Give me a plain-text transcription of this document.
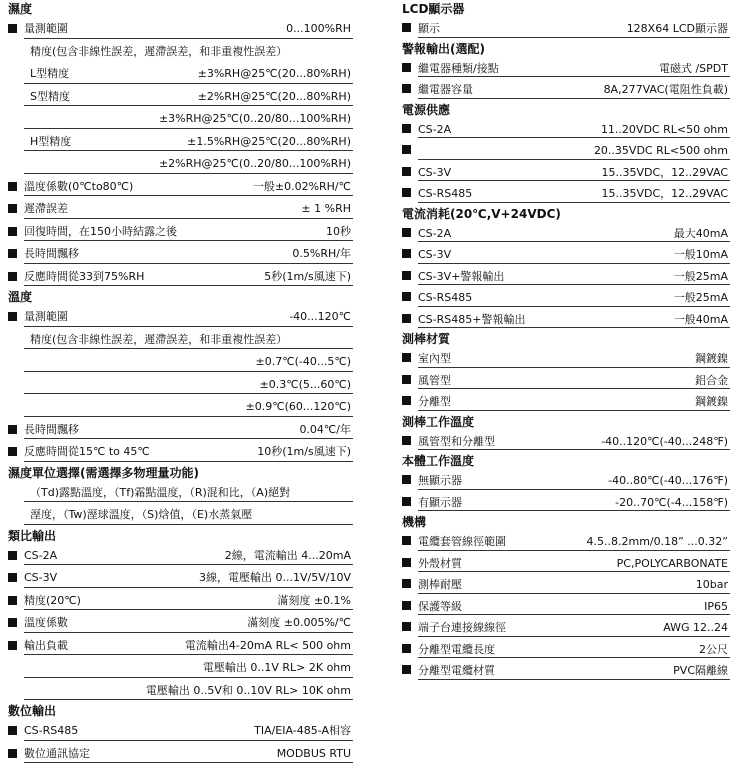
濕度
量測範圍	0...100%RH
精度(包含非線性誤差，遲滯誤差，和非重複性誤差）
L型精度	±3%RH@25℃(20...80%RH)
S型精度	±2%RH@25℃(20...80%RH)
±3%RH@25℃(0..20/80...100%RH)
H型精度	±1.5%RH@25℃(20...80%RH)
±2%RH@25℃(0..20/80...100%RH)
溫度係數(0℃to80℃)	一般±0.02%RH/℃
遲滯誤差	± 1 %RH
回復時間，在150小時結露之後	10秒
長時間飄移	0.5%RH/年
反應時間從33到75%RH	5秒(1m/s風速下)
溫度
量測範圍	-40...120℃
精度(包含非線性誤差，遲滯誤差，和非重複性誤差）
±0.7℃(-40...5℃)
±0.3℃(5...60℃)
±0.9℃(60...120℃)
長時間飄移	0.04℃/年
反應時間從15℃ to 45℃	10秒(1m/s風速下)
濕度單位選擇(需選擇多物理量功能)
（Td)露點溫度，（Tf)霜點溫度，（R)混和比，（A)絕對
溼度，（Tw)溼球溫度，（S)焓值，（E)水蒸氣壓
類比輸出
CS-2A	2線，電流輸出 4...20mA
CS-3V	3線，電壓輸出 0...1V/5V/10V
精度(20℃)	滿刻度 ±0.1%
溫度係數	滿刻度 ±0.005%/℃
輸出負載	電流輸出4-20mA RL< 500 ohm
電壓輸出 0..1V RL> 2K ohm
電壓輸出 0..5V和 0..10V RL> 10K ohm
數位輸出
CS-RS485	TIA/EIA-485-A相容
數位通訊協定	MODBUS RTU
LCD顯示器
顯示	128X64 LCD顯示器
警報輸出(選配)
繼電器種類/接點	電磁式 /SPDT
繼電器容量	8A,277VAC(電阻性負載)
電源供應
CS-2A	11..20VDC RL<50 ohm
20..35VDC RL<500 ohm
CS-3V	15..35VDC，12..29VAC
CS-RS485	15..35VDC，12..29VAC
電流消耗(20℃,V+24VDC)
CS-2A	最大40mA
CS-3V	一般10mA
CS-3V+警報輸出	一般25mA
CS-RS485	一般25mA
CS-RS485+警報輸出	一般40mA
測棒材質
室內型	鋼鍍鎳
風管型	鋁合金
分離型	鋼鍍鎳
測棒工作溫度
風管型和分離型	-40..120℃(-40...248℉)
本體工作溫度
無顯示器	-40..80℃(-40...176℉)
有顯示器	-20..70℃(-4...158℉)
機構
電纜套管線徑範圍	4.5..8.2mm/0.18” ...0.32”
外殼材質	PC,POLYCARBONATE
測棒耐壓	10bar
保護等級	IP65
端子台連接線線徑	AWG 12..24
分離型電纜長度	2公尺
分離型電纜材質	PVC隔離線
